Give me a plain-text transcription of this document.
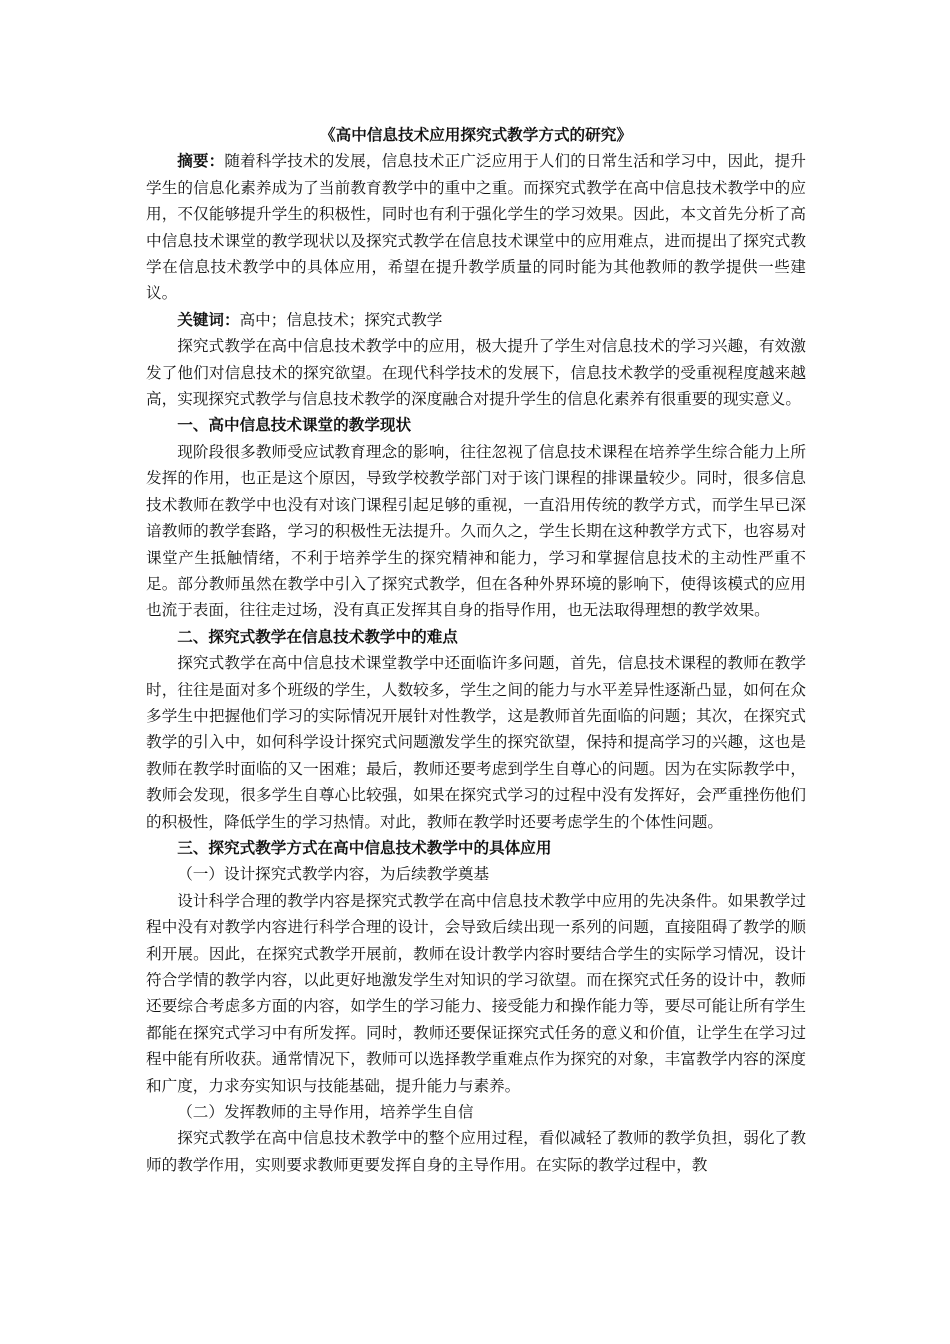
《高中信息技术应用探究式教学方式的研究》

摘要：随着科学技术的发展，信息技术正广泛应用于人们的日常生活和学习中，因此，提升学生的信息化素养成为了当前教育教学中的重中之重。而探究式教学在高中信息技术教学中的应用，不仅能够提升学生的积极性，同时也有利于强化学生的学习效果。因此，本文首先分析了高中信息技术课堂的教学现状以及探究式教学在信息技术课堂中的应用难点，进而提出了探究式教学在信息技术教学中的具体应用，希望在提升教学质量的同时能为其他教师的教学提供一些建议。

关键词：高中；信息技术；探究式教学

探究式教学在高中信息技术教学中的应用，极大提升了学生对信息技术的学习兴趣，有效激发了他们对信息技术的探究欲望。在现代科学技术的发展下，信息技术教学的受重视程度越来越高，实现探究式教学与信息技术教学的深度融合对提升学生的信息化素养有很重要的现实意义。

一、高中信息技术课堂的教学现状

现阶段很多教师受应试教育理念的影响，往往忽视了信息技术课程在培养学生综合能力上所发挥的作用，也正是这个原因，导致学校教学部门对于该门课程的排课量较少。同时，很多信息技术教师在教学中也没有对该门课程引起足够的重视，一直沿用传统的教学方式，而学生早已深谙教师的教学套路，学习的积极性无法提升。久而久之，学生长期在这种教学方式下，也容易对课堂产生抵触情绪，不利于培养学生的探究精神和能力，学习和掌握信息技术的主动性严重不足。部分教师虽然在教学中引入了探究式教学，但在各种外界环境的影响下，使得该模式的应用也流于表面，往往走过场，没有真正发挥其自身的指导作用，也无法取得理想的教学效果。

二、探究式教学在信息技术教学中的难点

探究式教学在高中信息技术课堂教学中还面临许多问题，首先，信息技术课程的教师在教学时，往往是面对多个班级的学生，人数较多，学生之间的能力与水平差异性逐渐凸显，如何在众多学生中把握他们学习的实际情况开展针对性教学，这是教师首先面临的问题；其次，在探究式教学的引入中，如何科学设计探究式问题激发学生的探究欲望，保持和提高学习的兴趣，这也是教师在教学时面临的又一困难；最后，教师还要考虑到学生自尊心的问题。因为在实际教学中，教师会发现，很多学生自尊心比较强，如果在探究式学习的过程中没有发挥好，会严重挫伤他们的积极性，降低学生的学习热情。对此，教师在教学时还要考虑学生的个体性问题。

三、探究式教学方式在高中信息技术教学中的具体应用
（一）设计探究式教学内容，为后续教学奠基

设计科学合理的教学内容是探究式教学在高中信息技术教学中应用的先决条件。如果教学过程中没有对教学内容进行科学合理的设计，会导致后续出现一系列的问题，直接阻碍了教学的顺利开展。因此，在探究式教学开展前，教师在设计教学内容时要结合学生的实际学习情况，设计符合学情的教学内容，以此更好地激发学生对知识的学习欲望。而在探究式任务的设计中，教师还要综合考虑多方面的内容，如学生的学习能力、接受能力和操作能力等，要尽可能让所有学生都能在探究式学习中有所发挥。同时，教师还要保证探究式任务的意义和价值，让学生在学习过程中能有所收获。通常情况下，教师可以选择教学重难点作为探究的对象，丰富教学内容的深度和广度，力求夯实知识与技能基础，提升能力与素养。

（二）发挥教师的主导作用，培养学生自信

探究式教学在高中信息技术教学中的整个应用过程，看似减轻了教师的教学负担，弱化了教师的教学作用，实则要求教师更要发挥自身的主导作用。在实际的教学过程中，教
